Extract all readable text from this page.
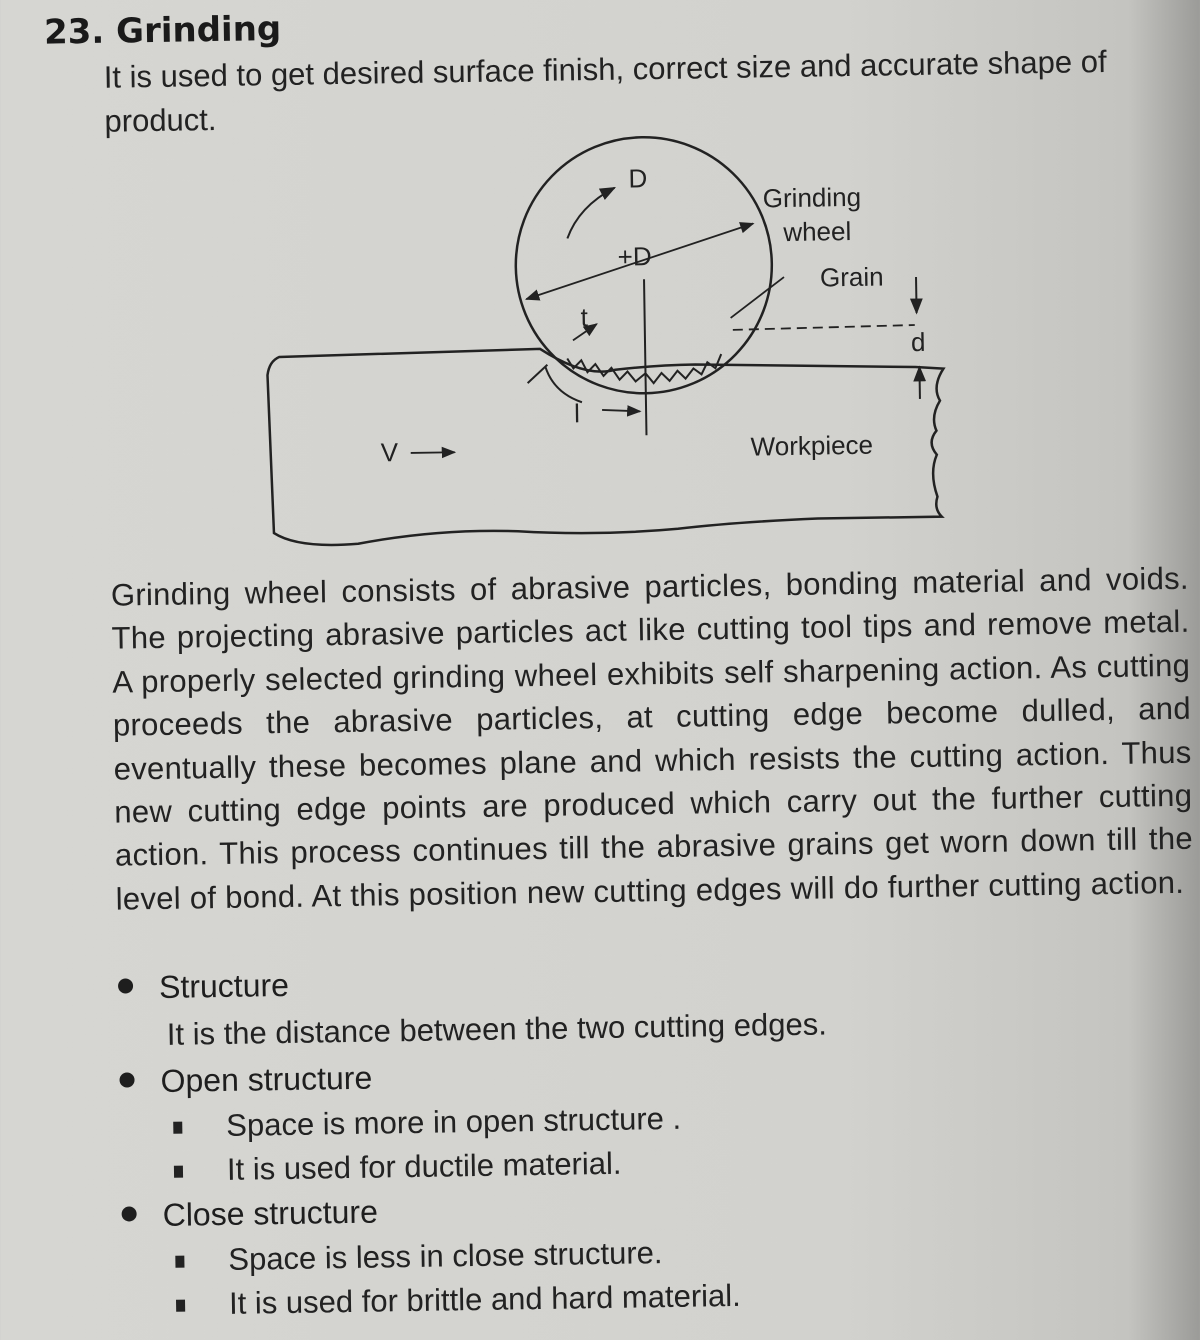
23. Grinding
It is used to get desired surface finish, correct size and accurate shape of product.
D
+D
Grinding
wheel
Grain
t
d
l
V	Workpiece
Grinding wheel consists of abrasive particles, bonding material and voids. The projecting abrasive particles act like cutting tool tips and remove metal. A properly selected grinding wheel exhibits self sharpening action. As cutting proceeds the abrasive particles, at cutting edge become dulled, and eventually these becomes plane and which resists the cutting action. Thus new cutting edge points are produced which carry out the further cutting action. This process continues till the abrasive grains get worn down till the level of bond. At this position new cutting edges will do further cutting action.
Structure
It is the distance between the two cutting edges.
Open structure
Space is more in open structure .
It is used for ductile material.
Close structure
Space is less in close structure.
It is used for brittle and hard material.
